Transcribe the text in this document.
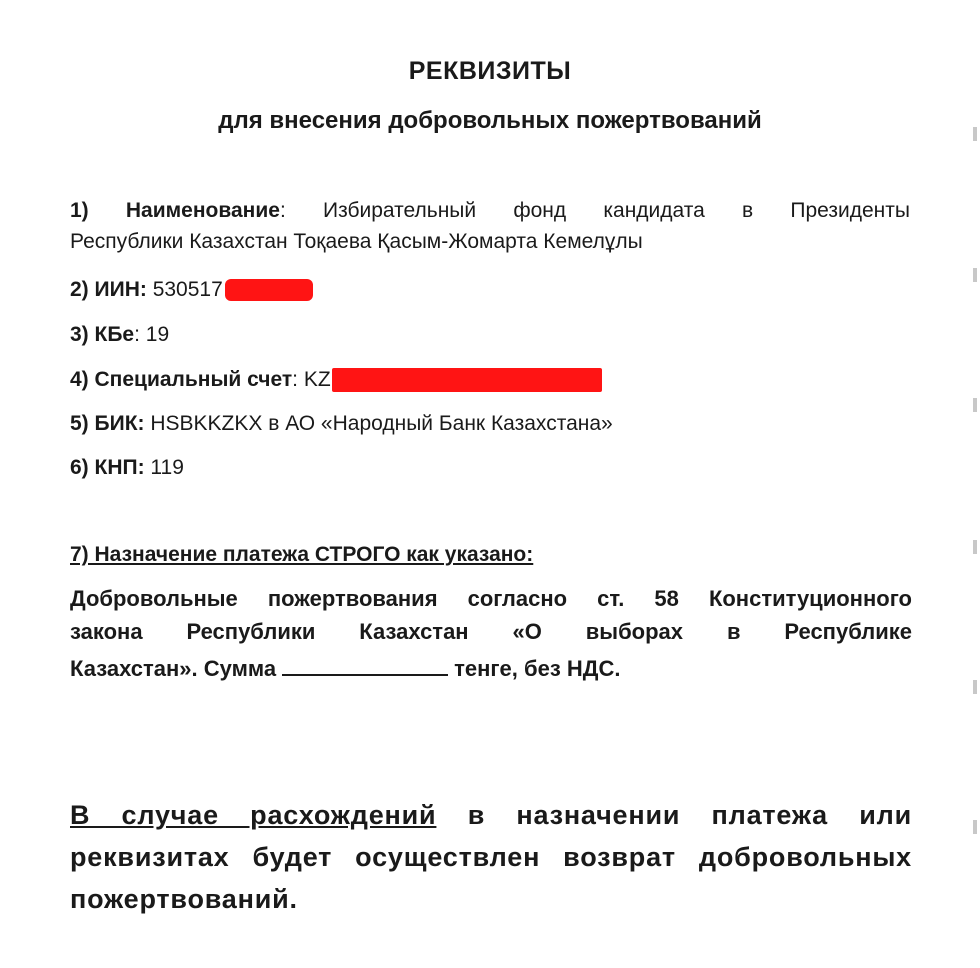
РЕКВИЗИТЫ
для внесения добровольных пожертвований
1) Наименование: Избирательный фонд кандидата в Президенты
Республики Казахстан Тоқаева Қасым-Жомарта Кемелұлы
2) ИИН: 530517
3) КБе: 19
4) Специальный счет: KZ
5) БИК: HSBKKZKX в АО «Народный Банк Казахстана»
6) КНП: 119
7) Назначение платежа СТРОГО как указано:
Добровольные пожертвования согласно ст. 58 Конституционного
закона Республики Казахстан «О выборах в Республике
Казахстан». Сумма	тенге, без НДС.
В случае расхождений в назначении платежа или
реквизитах будет осуществлен возврат добровольных
пожертвований.
